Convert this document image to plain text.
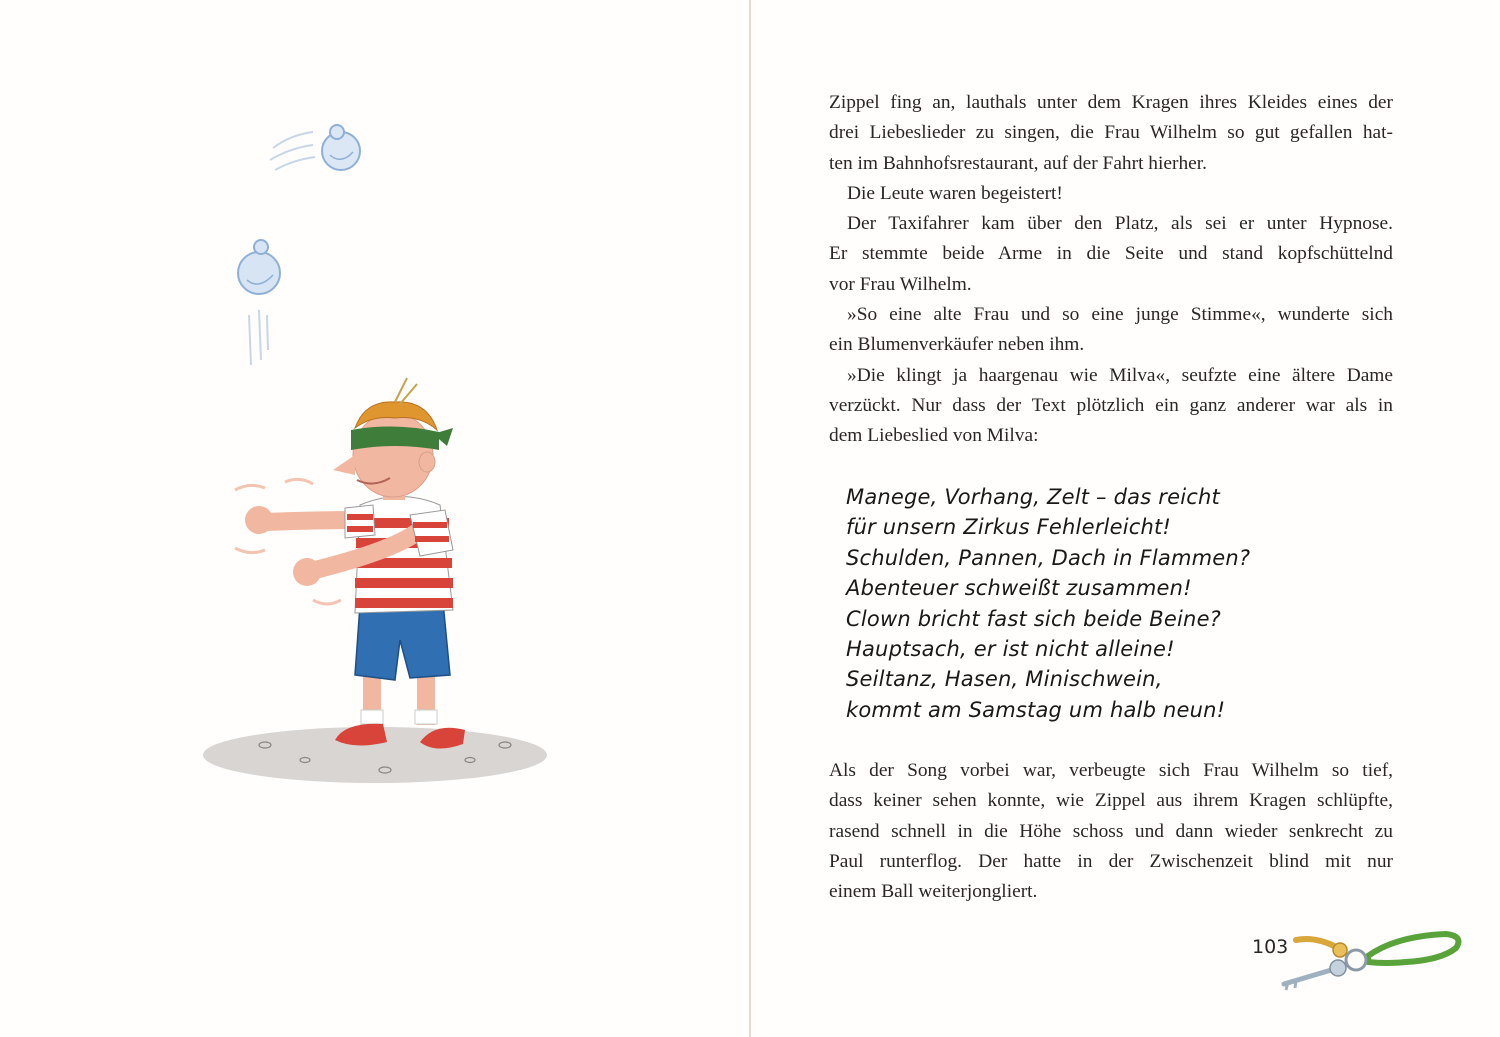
Zippel fing an, lauthals unter dem Kragen ihres Kleides eines der
drei Liebeslieder zu singen, die Frau Wilhelm so gut gefallen hat-
ten im Bahnhofsrestaurant, auf der Fahrt hierher.
Die Leute waren begeistert!
Der Taxifahrer kam über den Platz, als sei er unter Hypnose.
Er stemmte beide Arme in die Seite und stand kopfschüttelnd
vor Frau Wilhelm.
»So eine alte Frau und so eine junge Stimme«, wunderte sich
ein Blumenverkäufer neben ihm.
»Die klingt ja haargenau wie Milva«, seufzte eine ältere Dame
verzückt. Nur dass der Text plötzlich ein ganz anderer war als in
dem Liebeslied von Milva:
Manege, Vorhang, Zelt – das reicht
für unsern Zirkus Fehlerleicht!
Schulden, Pannen, Dach in Flammen?
Abenteuer schweißt zusammen!
Clown bricht fast sich beide Beine?
Hauptsach, er ist nicht alleine!
Seiltanz, Hasen, Minischwein,
kommt am Samstag um halb neun!
Als der Song vorbei war, verbeugte sich Frau Wilhelm so tief,
dass keiner sehen konnte, wie Zippel aus ihrem Kragen schlüpfte,
rasend schnell in die Höhe schoss und dann wieder senkrecht zu
Paul runterflog. Der hatte in der Zwischenzeit blind mit nur
einem Ball weiterjongliert.
103
